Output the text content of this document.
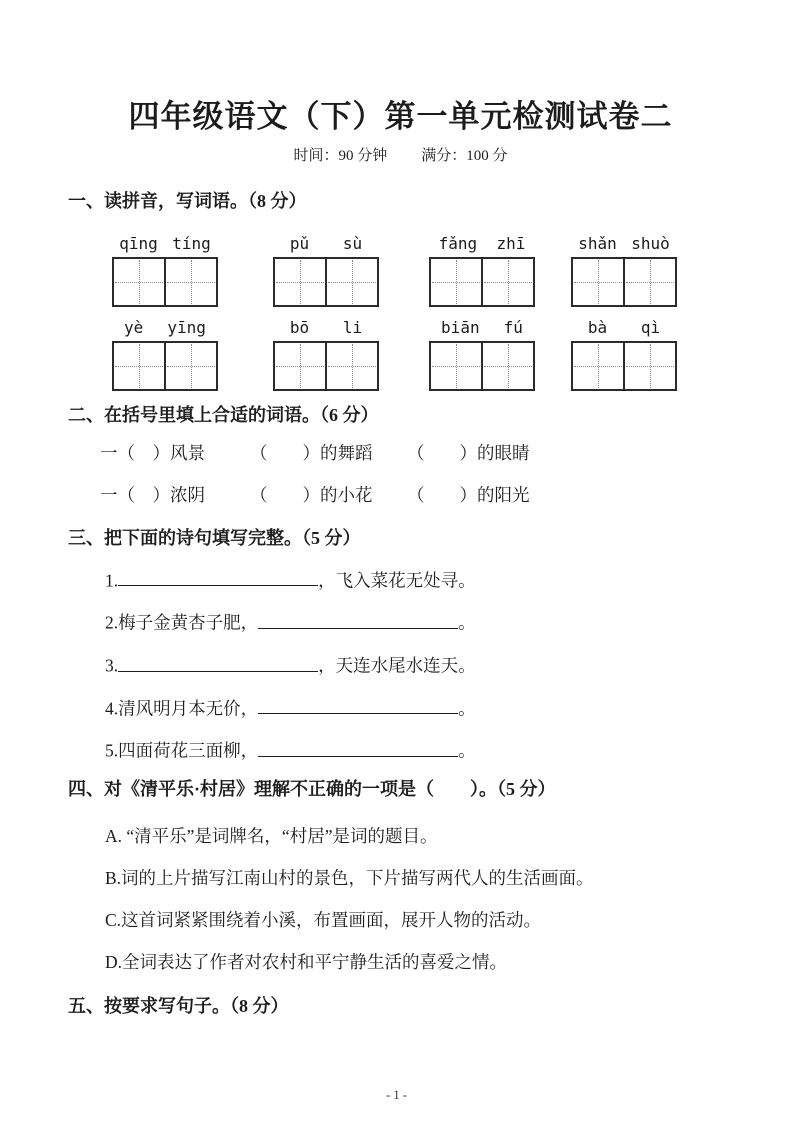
四年级语文（下）第一单元检测试卷二
时间：90 分钟 满分：100 分
一、读拼音，写词语。（8 分）
qīng tíng	pǔ sù	fǎng zhī	shǎn shuò
yè yīng	bō li	biān fú	bà qì
二、在括号里填上合适的词语。（6 分）
一（　）风景	（　　）的舞蹈	（　　）的眼睛
一（　）浓阴	（　　）的小花	（　　）的阳光
三、把下面的诗句填写完整。（5 分）
1.	，飞入菜花无处寻。
2.梅子金黄杏子肥，	。
3.	，天连水尾水连天。
4.清风明月本无价，	。
5.四面荷花三面柳，	。
四、对《清平乐·村居》理解不正确的一项是（　　）。（5 分）
A. “清平乐”是词牌名，“村居”是词的题目。
B.词的上片描写江南山村的景色，下片描写两代人的生活画面。
C.这首词紧紧围绕着小溪，布置画面，展开人物的活动。
D.全词表达了作者对农村和平宁静生活的喜爱之情。
五、按要求写句子。（8 分）
- 1 -
